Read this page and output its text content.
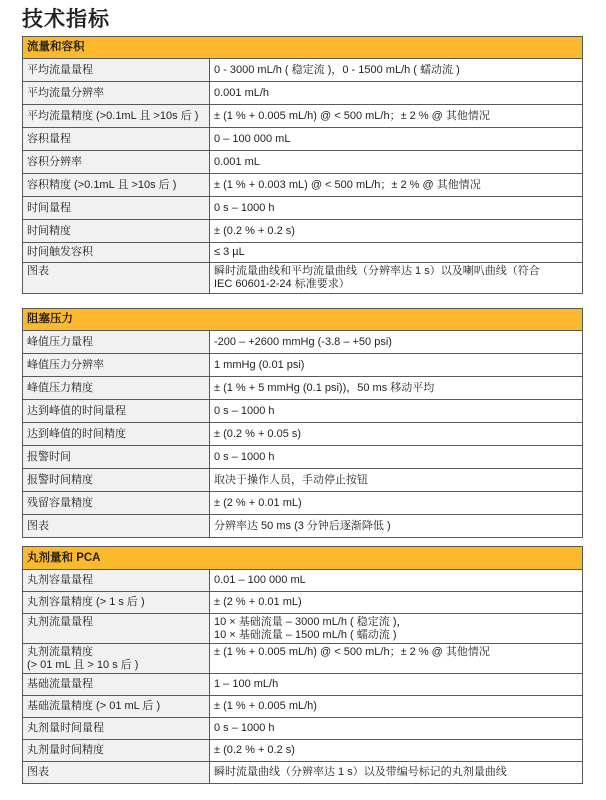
技术指标
流量和容积	
平均流量量程	0 - 3000 mL/h ( 稳定流 )，0 - 1500 mL/h ( 蠕动流 )
平均流量分辨率	0.001 mL/h
平均流量精度 (>0.1mL 且 >10s 后 )	± (1 % + 0.005 mL/h) @ < 500 mL/h；± 2 % @ 其他情况
容积量程	0 – 100 000 mL
容积分辨率	0.001 mL
容积精度 (>0.1mL 且 >10s 后 )	± (1 % + 0.003 mL) @ < 500 mL/h；± 2 % @ 其他情况
时间量程	0 s – 1000 h
时间精度	± (0.2 % + 0.2 s)
时间触发容积	≤ 3 µL
图表	瞬时流量曲线和平均流量曲线（分辨率达 1 s）以及喇叭曲线（符合
IEC 60601-2-24 标准要求）
阻塞压力	
峰值压力量程	-200 – +2600 mmHg (-3.8 – +50 psi)
峰值压力分辨率	1 mmHg (0.01 psi)
峰值压力精度	± (1 % + 5 mmHg (0.1 psi))，50 ms 移动平均
达到峰值的时间量程	0 s – 1000 h
达到峰值的时间精度	± (0.2 % + 0.05 s)
报警时间	0 s – 1000 h
报警时间精度	取决于操作人员，手动停止按钮
残留容量精度	± (2 % + 0.01 mL)
图表	分辨率达 50 ms (3 分钟后逐渐降低 )
丸剂量和 PCA	
丸剂容量量程	0.01 – 100 000 mL
丸剂容量精度 (> 1 s 后 )	± (2 % + 0.01 mL)
丸剂流量量程	10 × 基础流量 – 3000 mL/h ( 稳定流 )，
10 × 基础流量 – 1500 mL/h ( 蠕动流 )
丸剂流量精度
(> 01 mL 且 > 10 s 后 )	± (1 % + 0.005 mL/h) @ < 500 mL/h；± 2 % @ 其他情况
基础流量量程	1 – 100 mL/h
基础流量精度 (> 01 mL 后 )	± (1 % + 0.005 mL/h)
丸剂量时间量程	0 s – 1000 h
丸剂量时间精度	± (0.2 % + 0.2 s)
图表	瞬时流量曲线（分辨率达 1 s）以及带编号标记的丸剂量曲线
